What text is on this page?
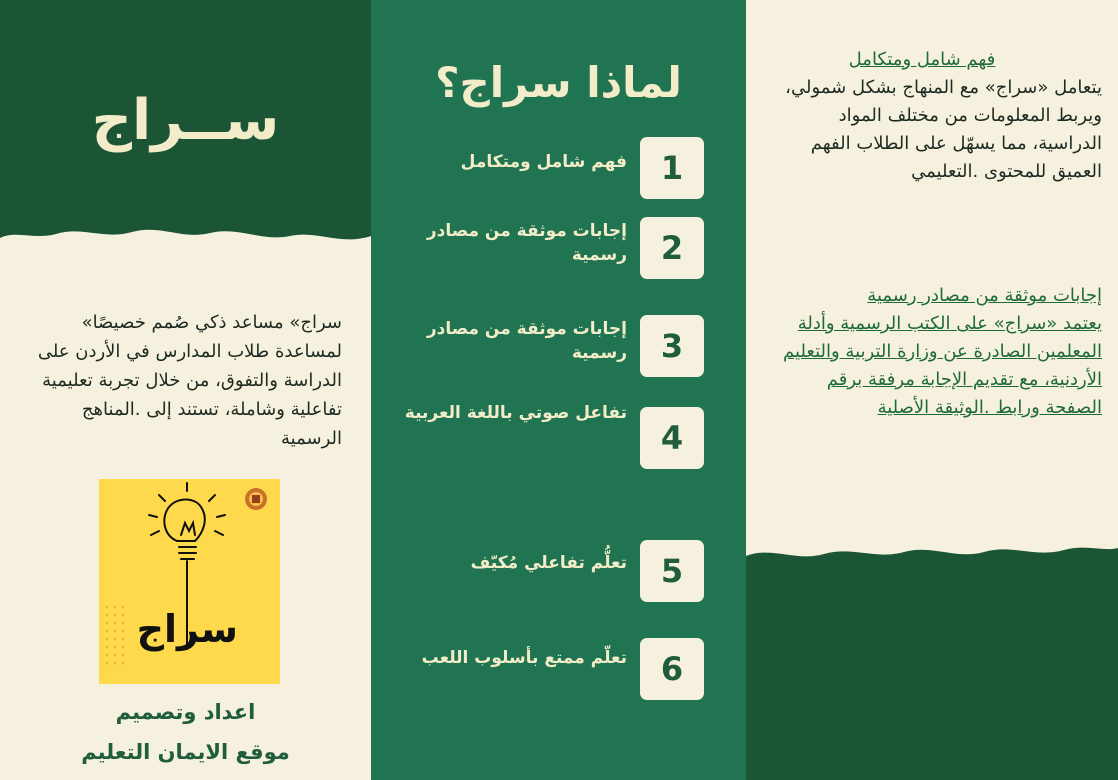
ســراج
سراج» مساعد ذكي صُمم خصيصًا» لمساعدة طلاب المدارس في الأردن على الدراسة والتفوق، من خلال تجربة تعليمية تفاعلية وشاملة، تستند إلى .المناهج الرسمية
سراج
اعداد وتصميم
موقع الايمان التعليم
لماذا سراج؟
1
فهم شامل ومتكامل
2
إجابات موثقة من مصادر رسمية
3
إجابات موثقة من مصادر رسمية
4
تفاعل صوتي باللغة العربية
5
تعلُّم تفاعلي مُكيّف
6
تعلّم ممتع بأسلوب اللعب
فهم شامل ومتكامل
يتعامل «سراج» مع المنهاج بشكل شمولي، ويربط المعلومات من مختلف المواد الدراسية، مما يسهّل على الطلاب الفهم العميق للمحتوى .التعليمي
إجابات موثقة من مصادر رسمية
يعتمد «سراج» على الكتب الرسمية وأدلة المعلمين الصادرة عن وزارة التربية والتعليم الأردنية، مع تقديم الإجابة مرفقة برقم الصفحة ورابط .الوثيقة الأصلية
